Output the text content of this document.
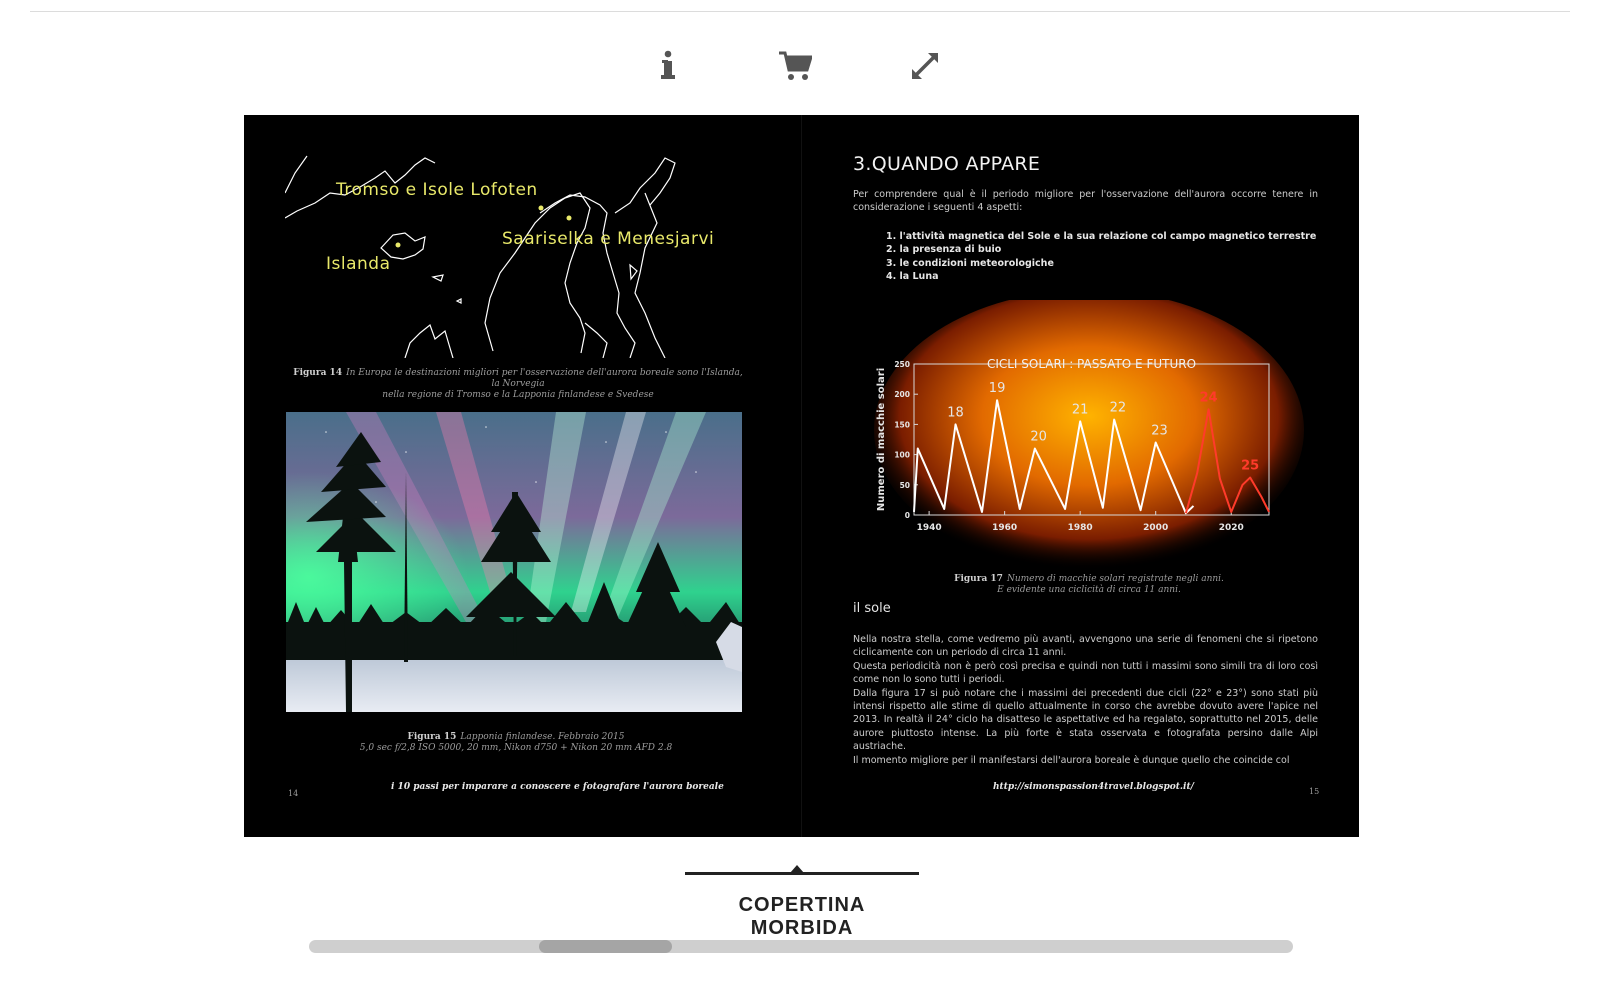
Tromso e Isole Lofoten
Saariselka e Menesjarvi
Islanda
Figura 14 In Europa le destinazioni migliori per l'osservazione dell'aurora boreale sono l'Islanda, la Norvegia
nella regione di Tromso e la Lapponia finlandese e Svedese
Figura 15 Lapponia finlandese. Febbraio 2015
5,0 sec f/2,8 ISO 5000, 20 mm, Nikon d750 + Nikon 20 mm AFD 2.8
14
i 10 passi per imparare a conoscere e fotografare l'aurora boreale
3.QUANDO APPARE
Per comprendere qual è il periodo migliore per l'osservazione dell'aurora occorre tenere in considerazione i seguenti 4 aspetti:
1. l'attività magnetica del Sole e la sua relazione col campo magnetico terrestre
2. la presenza di buio
3. le condizioni meteorologiche
4. la Luna
CICLI SOLARI : PASSATO E FUTURO
Numero di macchie solari
0
50
100
150
200
250
1940	1960	1980	2000	2020
18
19
20
21 22
23
24
25
Figura 17 Numero di macchie solari registrate negli anni.
E evidente una ciclicità di circa 11 anni.
il sole
Nella nostra stella, come vedremo più avanti, avvengono una serie di fenomeni che si ripetono ciclicamente con un periodo di circa 11 anni.
Questa periodicità non è però così precisa e quindi non tutti i massimi sono simili tra di loro così come non lo sono tutti i periodi.
Dalla figura 17 si può notare che i massimi dei precedenti due cicli (22° e 23°) sono stati più intensi rispetto alle stime di quello attualmente in corso che avrebbe dovuto avere l'apice nel 2013. In realtà il 24° ciclo ha disatteso le aspettative ed ha regalato, soprattutto nel 2015, delle aurore piuttosto intense. La più forte è stata osservata e fotografata persino dalle Alpi austriache.
Il momento migliore per il manifestarsi dell'aurora boreale è dunque quello che coincide col
http://simonspassion4travel.blogspot.it/	15
COPERTINA MORBIDA
